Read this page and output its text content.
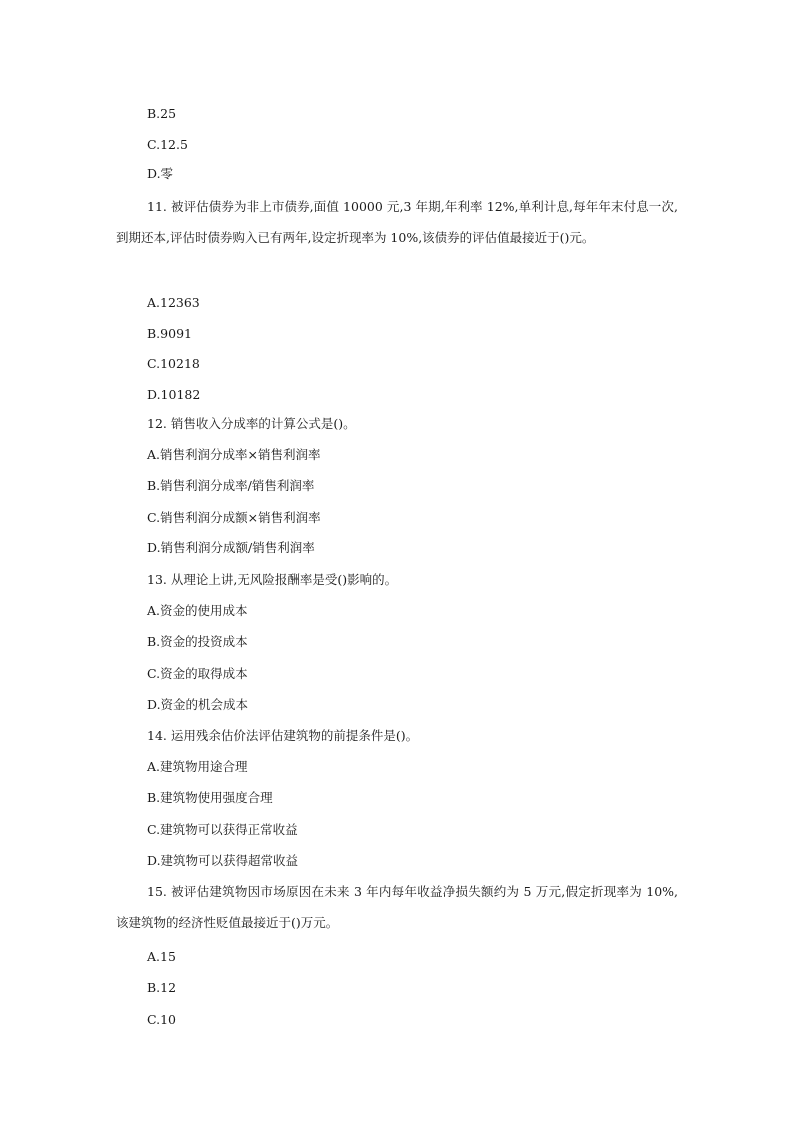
B.25
C.12.5
D.零
11. 被评估债券为非上市债券,面值 10000 元,3 年期,年利率 12%,单利计息,每年年末付息一次,到期还本,评估时债券购入已有两年,设定折现率为 10%,该债券的评估值最接近于()元。
A.12363
B.9091
C.10218
D.10182
12. 销售收入分成率的计算公式是()。
A.销售利润分成率×销售利润率
B.销售利润分成率/销售利润率
C.销售利润分成额×销售利润率
D.销售利润分成额/销售利润率
13. 从理论上讲,无风险报酬率是受()影响的。
A.资金的使用成本
B.资金的投资成本
C.资金的取得成本
D.资金的机会成本
14. 运用残余估价法评估建筑物的前提条件是()。
A.建筑物用途合理
B.建筑物使用强度合理
C.建筑物可以获得正常收益
D.建筑物可以获得超常收益
15. 被评估建筑物因市场原因在未来 3 年内每年收益净损失额约为 5 万元,假定折现率为 10%,该建筑物的经济性贬值最接近于()万元。
A.15
B.12
C.10
